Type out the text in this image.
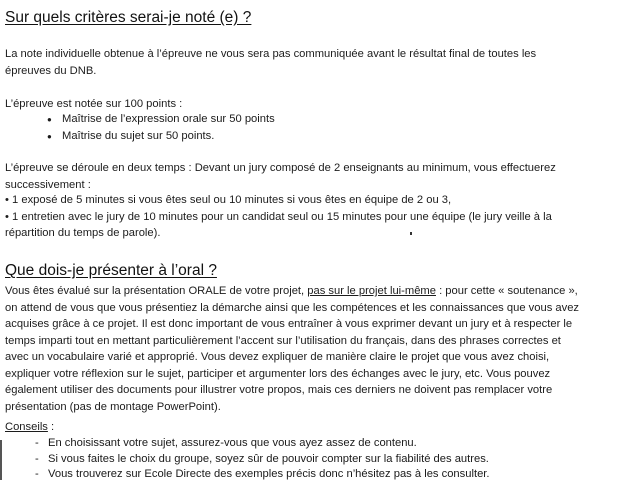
Sur quels critères serai-je noté (e) ?

La note individuelle obtenue à l’épreuve ne vous sera pas communiquée avant le résultat final de toutes les
épreuves du DNB.

L’épreuve est notée sur 100 points :

● Maîtrise de l’expression orale sur 50 points
● Maîtrise du sujet sur 50 points.

L’épreuve se déroule en deux temps : Devant un jury composé de 2 enseignants au minimum, vous effectuerez
successivement :

• 1 exposé de 5 minutes si vous êtes seul ou 10 minutes si vous êtes en équipe de 2 ou 3,
• 1 entretien avec le jury de 10 minutes pour un candidat seul ou 15 minutes pour une équipe (le jury veille à la
répartition du temps de parole).

Que dois-je présenter à l’oral ?

Vous êtes évalué sur la présentation ORALE de votre projet, pas sur le projet lui-même : pour cette « soutenance »,
on attend de vous que vous présentiez la démarche ainsi que les compétences et les connaissances que vous avez
acquises grâce à ce projet. Il est donc important de vous entraîner à vous exprimer devant un jury et à respecter le
temps imparti tout en mettant particulièrement l’accent sur l’utilisation du français, dans des phrases correctes et
avec un vocabulaire varié et approprié. Vous devez expliquer de manière claire le projet que vous avez choisi,
expliquer votre réflexion sur le sujet, participer et argumenter lors des échanges avec le jury, etc. Vous pouvez
également utiliser des documents pour illustrer votre propos, mais ces derniers ne doivent pas remplacer votre
présentation (pas de montage PowerPoint).

Conseils :
- En choisissant votre sujet, assurez-vous que vous ayez assez de contenu.
- Si vous faites le choix du groupe, soyez sûr de pouvoir compter sur la fiabilité des autres.
- Vous trouverez sur Ecole Directe des exemples précis donc n’hésitez pas à les consulter.
